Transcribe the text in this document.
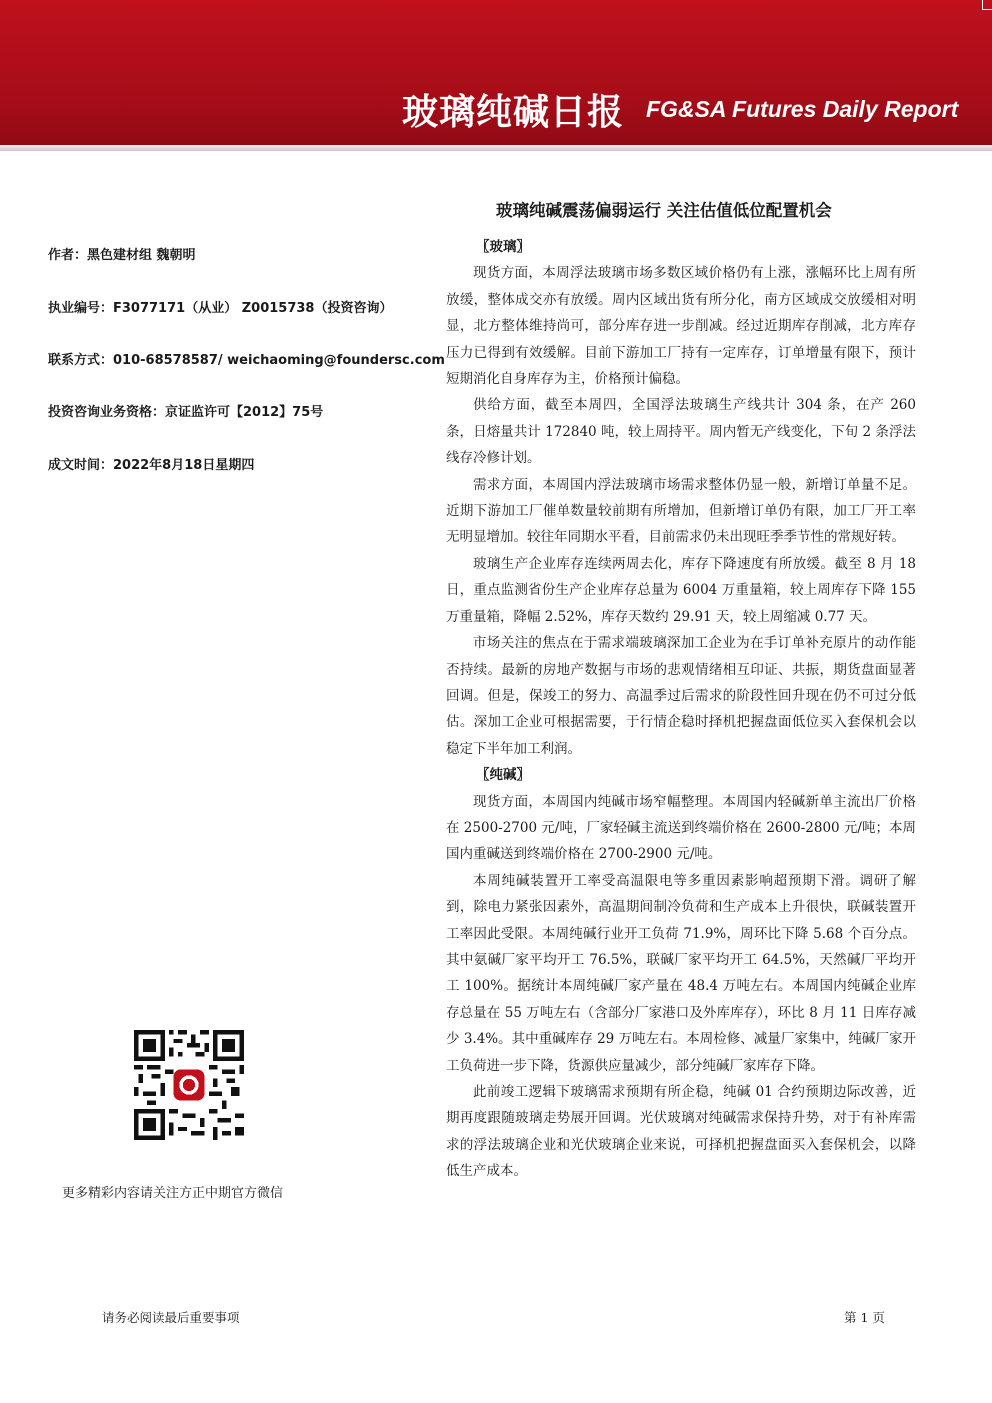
玻璃纯碱日报 FG&SA Futures Daily Report
玻璃纯碱震荡偏弱运行 关注估值低位配置机会
作者：黑色建材组 魏朝明
执业编号：F3077171（从业） Z0015738（投资咨询）
联系方式：010-68578587/ weichaoming@foundersc.com
投资咨询业务资格：京证监许可【2012】75号
成文时间：2022年8月18日星期四
更多精彩内容请关注方正中期官方微信
〖玻璃〗

现货方面，本周浮法玻璃市场多数区域价格仍有上涨，涨幅环比上周有所放缓，整体成交亦有放缓。周内区域出货有所分化，南方区域成交放缓相对明显，北方整体维持尚可，部分库存进一步削减。经过近期库存削减，北方库存压力已得到有效缓解。目前下游加工厂持有一定库存，订单增量有限下，预计短期消化自身库存为主，价格预计偏稳。

供给方面，截至本周四，全国浮法玻璃生产线共计 304 条，在产 260 条，日熔量共计 172840 吨，较上周持平。周内暂无产线变化，下旬 2 条浮法线存冷修计划。

需求方面，本周国内浮法玻璃市场需求整体仍显一般，新增订单量不足。近期下游加工厂催单数量较前期有所增加，但新增订单仍有限，加工厂开工率无明显增加。较往年同期水平看，目前需求仍未出现旺季季节性的常规好转。

玻璃生产企业库存连续两周去化，库存下降速度有所放缓。截至 8 月 18 日，重点监测省份生产企业库存总量为 6004 万重量箱，较上周库存下降 155 万重量箱，降幅 2.52%，库存天数约 29.91 天，较上周缩减 0.77 天。

市场关注的焦点在于需求端玻璃深加工企业为在手订单补充原片的动作能否持续。最新的房地产数据与市场的悲观情绪相互印证、共振，期货盘面显著回调。但是，保竣工的努力、高温季过后需求的阶段性回升现在仍不可过分低估。深加工企业可根据需要，于行情企稳时择机把握盘面低位买入套保机会以稳定下半年加工利润。

〖纯碱〗

现货方面，本周国内纯碱市场窄幅整理。本周国内轻碱新单主流出厂价格在 2500-2700 元/吨，厂家轻碱主流送到终端价格在 2600-2800 元/吨；本周国内重碱送到终端价格在 2700-2900 元/吨。

本周纯碱装置开工率受高温限电等多重因素影响超预期下滑。调研了解到，除电力紧张因素外，高温期间制冷负荷和生产成本上升很快，联碱装置开工率因此受限。本周纯碱行业开工负荷 71.9%，周环比下降 5.68 个百分点。其中氨碱厂家平均开工 76.5%，联碱厂家平均开工 64.5%，天然碱厂平均开工 100%。据统计本周纯碱厂家产量在 48.4 万吨左右。本周国内纯碱企业库存总量在 55 万吨左右（含部分厂家港口及外库库存），环比 8 月 11 日库存减少 3.4%。其中重碱库存 29 万吨左右。本周检修、减量厂家集中，纯碱厂家开工负荷进一步下降，货源供应量减少，部分纯碱厂家库存下降。

此前竣工逻辑下玻璃需求预期有所企稳，纯碱 01 合约预期边际改善，近期再度跟随玻璃走势展开回调。光伏玻璃对纯碱需求保持升势，对于有补库需求的浮法玻璃企业和光伏玻璃企业来说，可择机把握盘面买入套保机会，以降低生产成本。

请务必阅读最后重要事项	第 1 页
